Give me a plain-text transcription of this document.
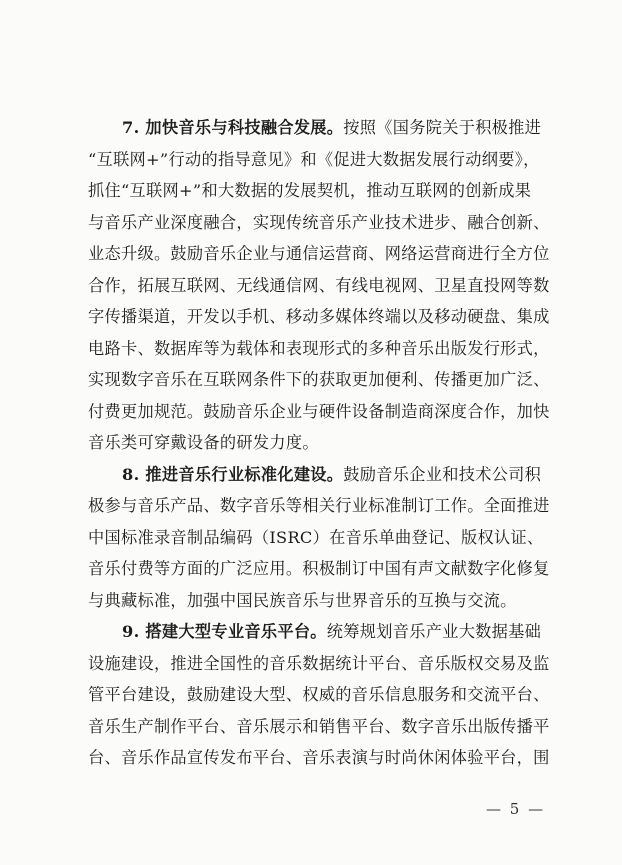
7. 加快音乐与科技融合发展。按照《国务院关于积极推进
“互联网+”行动的指导意见》和《促进大数据发展行动纲要》，
抓住“互联网+”和大数据的发展契机，推动互联网的创新成果
与音乐产业深度融合，实现传统音乐产业技术进步、融合创新、
业态升级。鼓励音乐企业与通信运营商、网络运营商进行全方位
合作，拓展互联网、无线通信网、有线电视网、卫星直投网等数
字传播渠道，开发以手机、移动多媒体终端以及移动硬盘、集成
电路卡、数据库等为载体和表现形式的多种音乐出版发行形式，
实现数字音乐在互联网条件下的获取更加便利、传播更加广泛、
付费更加规范。鼓励音乐企业与硬件设备制造商深度合作，加快
音乐类可穿戴设备的研发力度。
8. 推进音乐行业标准化建设。鼓励音乐企业和技术公司积
极参与音乐产品、数字音乐等相关行业标准制订工作。全面推进
中国标准录音制品编码（ISRC）在音乐单曲登记、版权认证、
音乐付费等方面的广泛应用。积极制订中国有声文献数字化修复
与典藏标准，加强中国民族音乐与世界音乐的互换与交流。
9. 搭建大型专业音乐平台。统筹规划音乐产业大数据基础
设施建设，推进全国性的音乐数据统计平台、音乐版权交易及监
管平台建设，鼓励建设大型、权威的音乐信息服务和交流平台、
音乐生产制作平台、音乐展示和销售平台、数字音乐出版传播平
台、音乐作品宣传发布平台、音乐表演与时尚休闲体验平台，围
— 5 —
